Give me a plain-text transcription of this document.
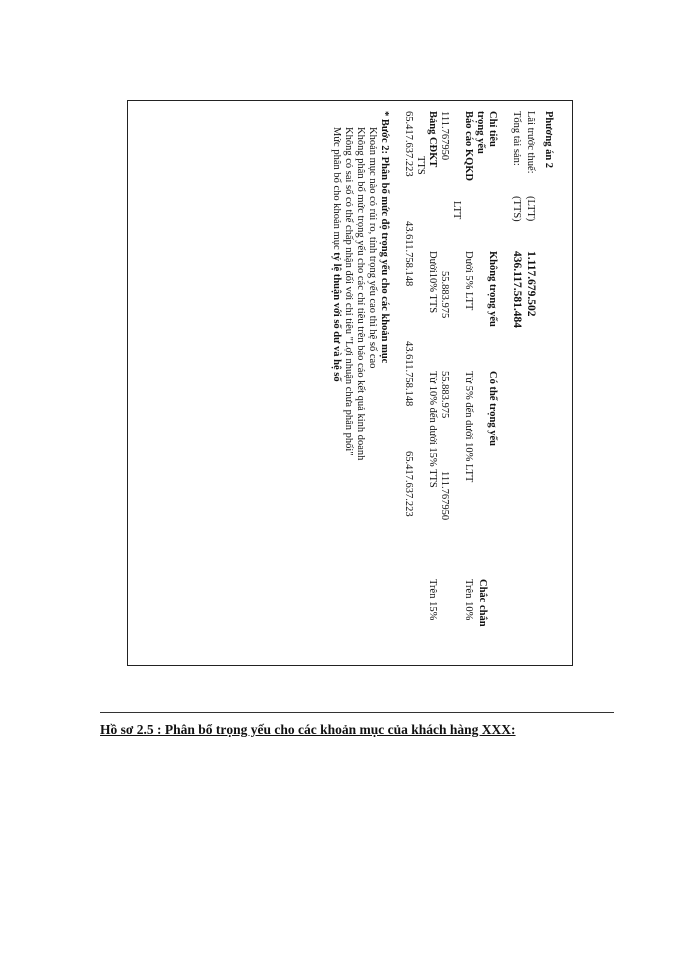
Phương án 2
Lãi trước thuế:
(LTT)
1.117.679.502
Tổng tài sản:
(TTS)
436.117.581.484
Chỉ tiêu
trọng yếu
Không trọng yếu
Có thể trọng yếu
Chắc chắn
Báo cáo KQKD
Dưới 5% LTT
Từ 5% đến dưới 10% LTT
Trên 10%
LTT
111.767950
55.883.975
55.883.975
111.767950
Bảng CĐKT
Dưới10% TTS
Từ 10% đến dưới 15% TTS
Trên 15%
TTS
65.417.637.223
43.611.758.148
43.611.758.148
65.417.637.223
* Bước 2: Phân bổ mức độ trọng yếu cho các khoản mục
Khoản mục nào có rủi ro, tính trọng yếu cao thì hệ số cao
Không phân bổ mức trọng yếu cho các chỉ tiêu trên báo cáo kết quả kinh doanh
Không có sai số có thể chấp nhận đối với chỉ tiêu "Lợi nhuận chưa phân phối"
Mức phân bổ cho khoản mục tỷ lệ thuận với số dư và hệ số
Hồ sơ 2.5 : Phân bổ trọng yếu cho các khoản mục của khách hàng XXX:
